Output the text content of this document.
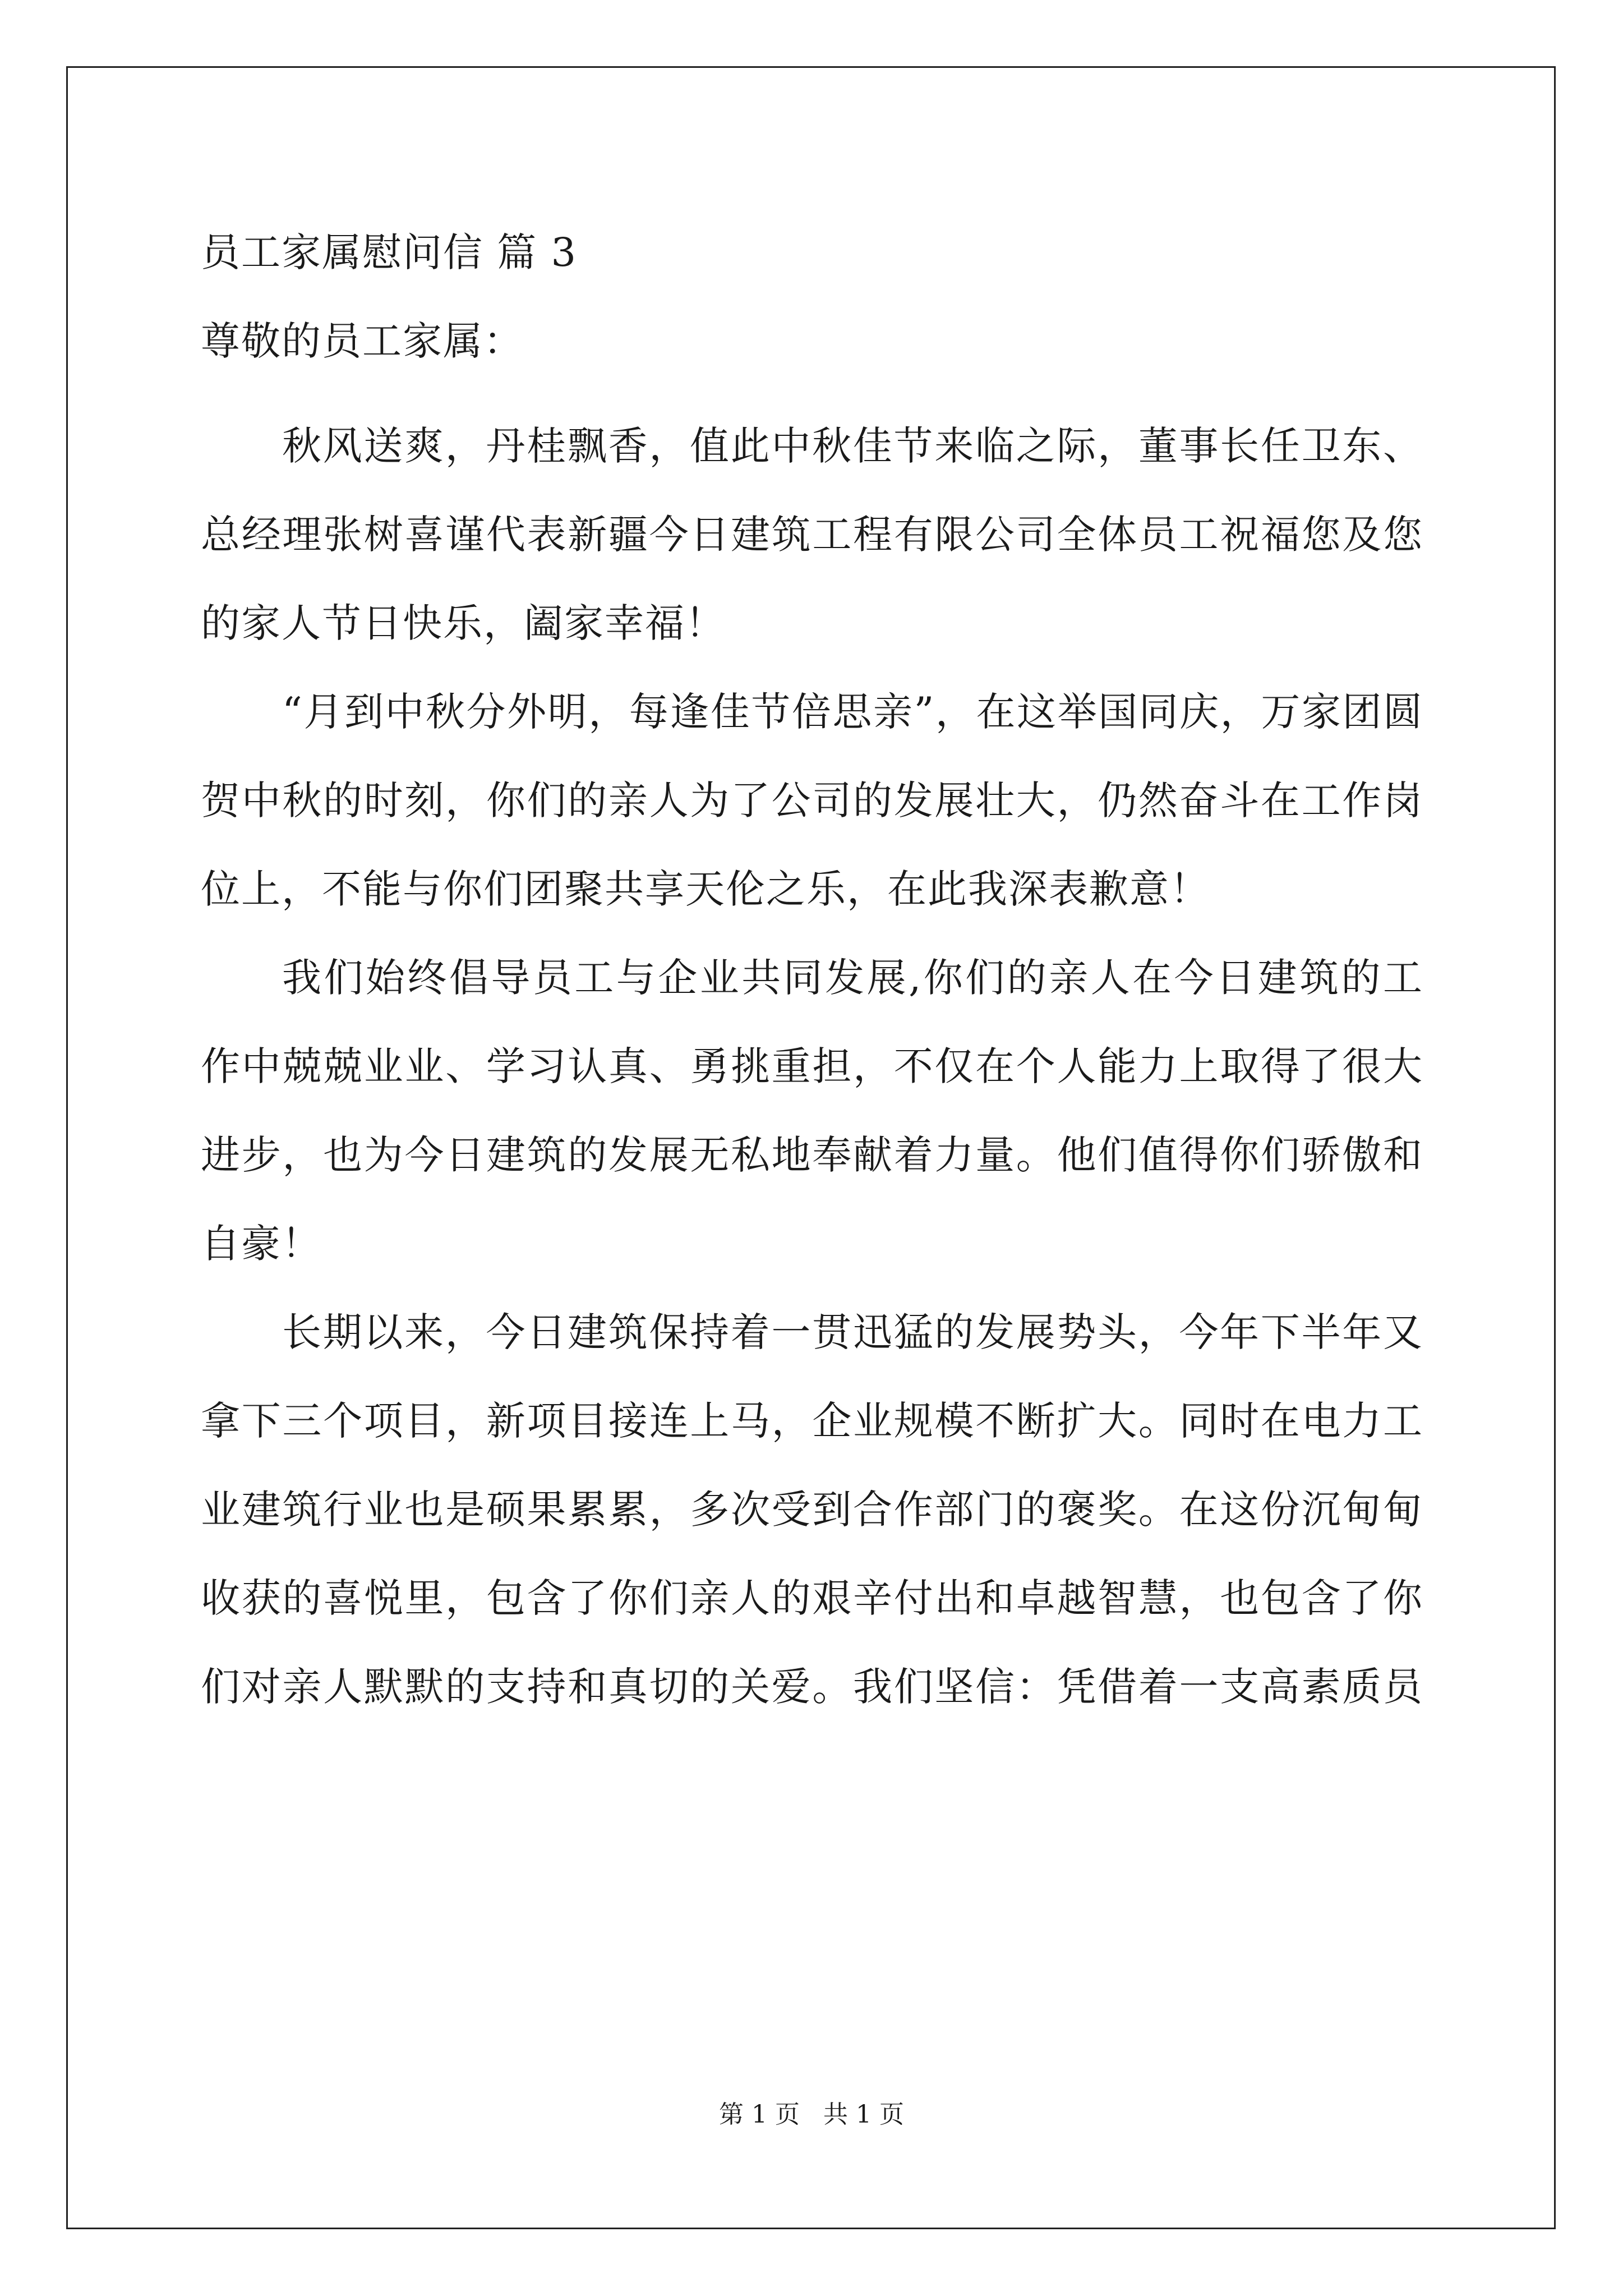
员工家属慰问信 篇 3
尊敬的员工家属：
秋风送爽，丹桂飘香，值此中秋佳节来临之际，董事长任卫东、
总经理张树喜谨代表新疆今日建筑工程有限公司全体员工祝福您及您
的家人节日快乐，阖家幸福！
“月到中秋分外明，每逢佳节倍思亲”，在这举国同庆，万家团圆
贺中秋的时刻，你们的亲人为了公司的发展壮大，仍然奋斗在工作岗
位上，不能与你们团聚共享天伦之乐，在此我深表歉意！
我们始终倡导员工与企业共同发展,你们的亲人在今日建筑的工
作中兢兢业业、学习认真、勇挑重担，不仅在个人能力上取得了很大
进步，也为今日建筑的发展无私地奉献着力量。他们值得你们骄傲和
自豪！
长期以来，今日建筑保持着一贯迅猛的发展势头，今年下半年又
拿下三个项目，新项目接连上马，企业规模不断扩大。同时在电力工
业建筑行业也是硕果累累，多次受到合作部门的褒奖。在这份沉甸甸
收获的喜悦里，包含了你们亲人的艰辛付出和卓越智慧，也包含了你
们对亲人默默的支持和真切的关爱。我们坚信：凭借着一支高素质员
第 1 页 共 1 页
